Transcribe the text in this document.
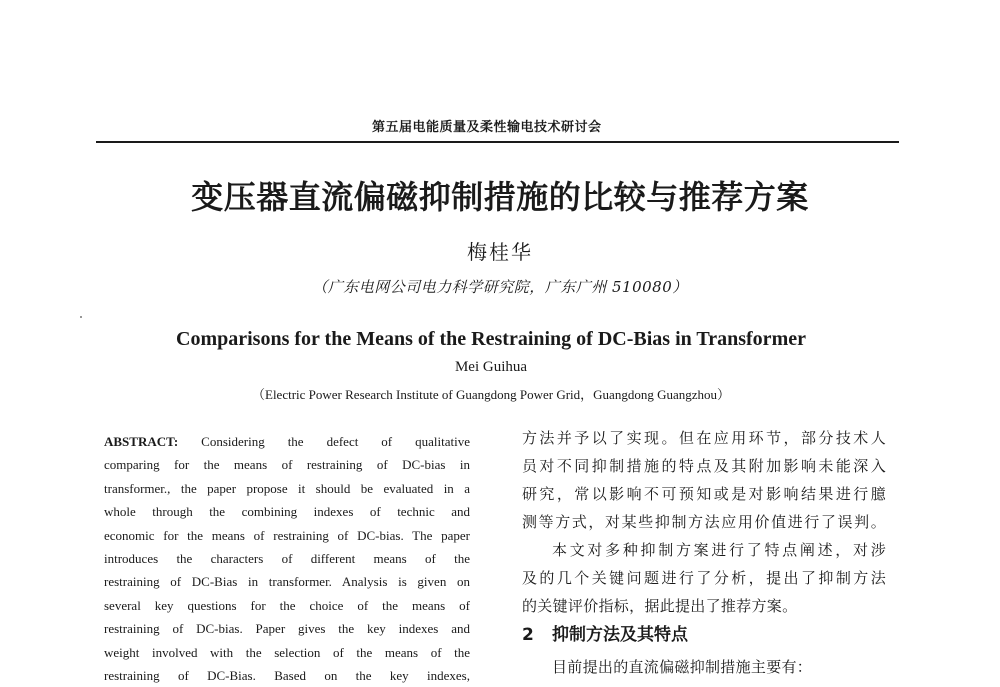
第五届电能质量及柔性输电技术研讨会
变压器直流偏磁抑制措施的比较与推荐方案
梅桂华
（广东电网公司电力科学研究院，广东广州 510080）
Comparisons for the Means of the Restraining of DC-Bias in Transformer
Mei Guihua
（Electric Power Research Institute of Guangdong Power Grid，Guangdong Guangzhou）
ABSTRACT: Considering the defect of qualitative
comparing for the means of restraining of DC-bias in
transformer., the paper propose it should be evaluated in a
whole through the combining indexes of technic and
economic for the means of restraining of DC-bias. The paper
introduces the characters of different means of the
restraining of DC-Bias in transformer. Analysis is given on
several key questions for the choice of the means of
restraining of DC-bias. Paper gives the key indexes and
weight involved with the selection of the means of the
restraining of DC-Bias. Based on the key indexes,
方法并予以了实现。但在应用环节，部分技术人
员对不同抑制措施的特点及其附加影响未能深入
研究，常以影响不可预知或是对影响结果进行臆
测等方式，对某些抑制方法应用价值进行了误判。
本文对多种抑制方案进行了特点阐述，对涉
及的几个关键问题进行了分析，提出了抑制方法
的关键评价指标，据此提出了推荐方案。
2 抑制方法及其特点
目前提出的直流偏磁抑制措施主要有：
